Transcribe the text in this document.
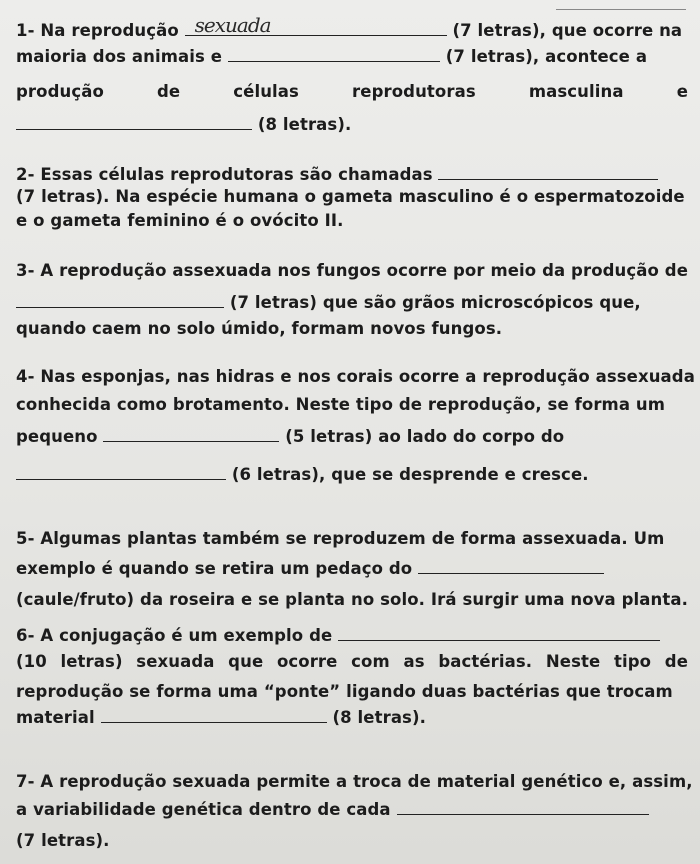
1- Na reprodução sexuada	(7 letras), que ocorre na
maioria dos animais e	(7 letras), acontece a
produção de células reprodutoras masculina e
(8 letras).
2- Essas células reprodutoras são chamadas
(7 letras). Na espécie humana o gameta masculino é o espermatozoide
e o gameta feminino é o ovócito II.
3- A reprodução assexuada nos fungos ocorre por meio da produção de
(7 letras) que são grãos microscópicos que,
quando caem no solo úmido, formam novos fungos.
4- Nas esponjas, nas hidras e nos corais ocorre a reprodução assexuada
conhecida como brotamento. Neste tipo de reprodução, se forma um
pequeno	(5 letras) ao lado do corpo do
(6 letras), que se desprende e cresce.
5- Algumas plantas também se reproduzem de forma assexuada. Um
exemplo é quando se retira um pedaço do
(caule/fruto) da roseira e se planta no solo. Irá surgir uma nova planta.
6- A conjugação é um exemplo de
(10 letras) sexuada que ocorre com as bactérias. Neste tipo de
reprodução se forma uma “ponte” ligando duas bactérias que trocam
material	(8 letras).
7- A reprodução sexuada permite a troca de material genético e, assim,
a variabilidade genética dentro de cada
(7 letras).
